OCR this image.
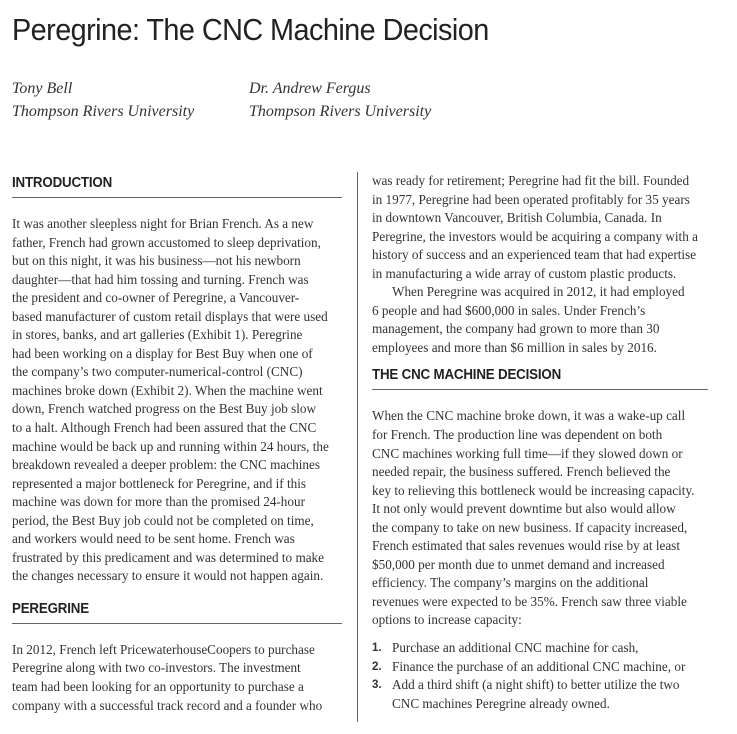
Peregrine: The CNC Machine Decision
Tony Bell
Thompson Rivers University
Dr. Andrew Fergus
Thompson Rivers University
INTRODUCTION
It was another sleepless night for Brian French. As a new
father, French had grown accustomed to sleep deprivation,
but on this night, it was his business—not his newborn
daughter—that had him tossing and turning. French was
the president and co-owner of Peregrine, a Vancouver-
based manufacturer of custom retail displays that were used
in stores, banks, and art galleries (Exhibit 1). Peregrine
had been working on a display for Best Buy when one of
the company’s two computer-numerical-control (CNC)
machines broke down (Exhibit 2). When the machine went
down, French watched progress on the Best Buy job slow
to a halt. Although French had been assured that the CNC
machine would be back up and running within 24 hours, the
breakdown revealed a deeper problem: the CNC machines
represented a major bottleneck for Peregrine, and if this
machine was down for more than the promised 24-hour
period, the Best Buy job could not be completed on time,
and workers would need to be sent home. French was
frustrated by this predicament and was determined to make
the changes necessary to ensure it would not happen again.
PEREGRINE
In 2012, French left PricewaterhouseCoopers to purchase
Peregrine along with two co-investors. The investment
team had been looking for an opportunity to purchase a
company with a successful track record and a founder who
was ready for retirement; Peregrine had fit the bill. Founded
in 1977, Peregrine had been operated profitably for 35 years
in downtown Vancouver, British Columbia, Canada. In
Peregrine, the investors would be acquiring a company with a
history of success and an experienced team that had expertise
in manufacturing a wide array of custom plastic products.
When Peregrine was acquired in 2012, it had employed
6 people and had $600,000 in sales. Under French’s
management, the company had grown to more than 30
employees and more than $6 million in sales by 2016.
THE CNC MACHINE DECISION
When the CNC machine broke down, it was a wake-up call
for French. The production line was dependent on both
CNC machines working full time—if they slowed down or
needed repair, the business suffered. French believed the
key to relieving this bottleneck would be increasing capacity.
It not only would prevent downtime but also would allow
the company to take on new business. If capacity increased,
French estimated that sales revenues would rise by at least
$50,000 per month due to unmet demand and increased
efficiency. The company’s margins on the additional
revenues were expected to be 35%. French saw three viable
options to increase capacity:
1. Purchase an additional CNC machine for cash,
2. Finance the purchase of an additional CNC machine, or
3. Add a third shift (a night shift) to better utilize the two
CNC machines Peregrine already owned.
